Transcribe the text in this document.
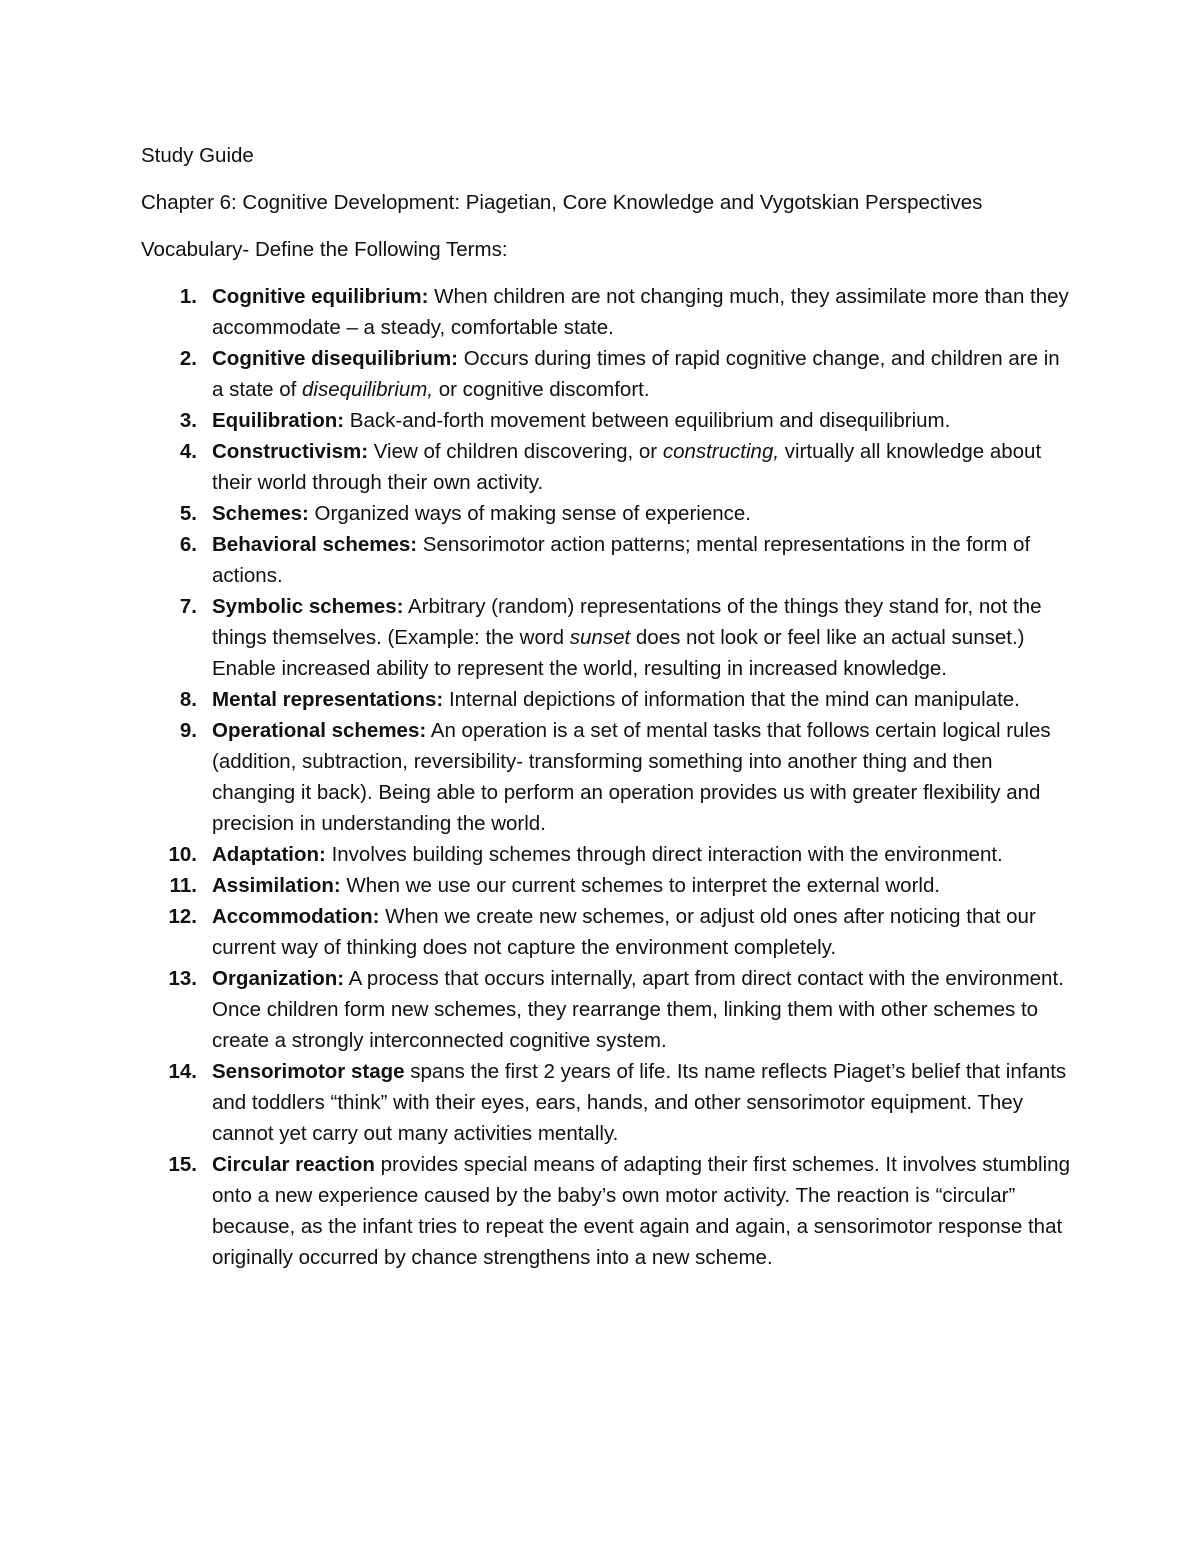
Study Guide

Chapter 6: Cognitive Development: Piagetian, Core Knowledge and Vygotskian Perspectives

Vocabulary- Define the Following Terms:

1. Cognitive equilibrium: When children are not changing much, they assimilate more than they accommodate – a steady, comfortable state.
2. Cognitive disequilibrium: Occurs during times of rapid cognitive change, and children are in a state of disequilibrium, or cognitive discomfort.
3. Equilibration: Back-and-forth movement between equilibrium and disequilibrium.
4. Constructivism: View of children discovering, or constructing, virtually all knowledge about their world through their own activity.
5. Schemes: Organized ways of making sense of experience.
6. Behavioral schemes: Sensorimotor action patterns; mental representations in the form of actions.
7. Symbolic schemes: Arbitrary (random) representations of the things they stand for, not the things themselves. (Example: the word sunset does not look or feel like an actual sunset.) Enable increased ability to represent the world, resulting in increased knowledge.
8. Mental representations: Internal depictions of information that the mind can manipulate.
9. Operational schemes: An operation is a set of mental tasks that follows certain logical rules (addition, subtraction, reversibility- transforming something into another thing and then changing it back). Being able to perform an operation provides us with greater flexibility and precision in understanding the world.
10. Adaptation: Involves building schemes through direct interaction with the environment.
11. Assimilation: When we use our current schemes to interpret the external world.
12. Accommodation: When we create new schemes, or adjust old ones after noticing that our current way of thinking does not capture the environment completely.
13. Organization: A process that occurs internally, apart from direct contact with the environment. Once children form new schemes, they rearrange them, linking them with other schemes to create a strongly interconnected cognitive system.
14. Sensorimotor stage spans the first 2 years of life. Its name reflects Piaget’s belief that infants and toddlers “think” with their eyes, ears, hands, and other sensorimotor equipment. They cannot yet carry out many activities mentally.
15. Circular reaction provides special means of adapting their first schemes. It involves stumbling onto a new experience caused by the baby’s own motor activity. The reaction is “circular” because, as the infant tries to repeat the event again and again, a sensorimotor response that originally occurred by chance strengthens into a new scheme.
